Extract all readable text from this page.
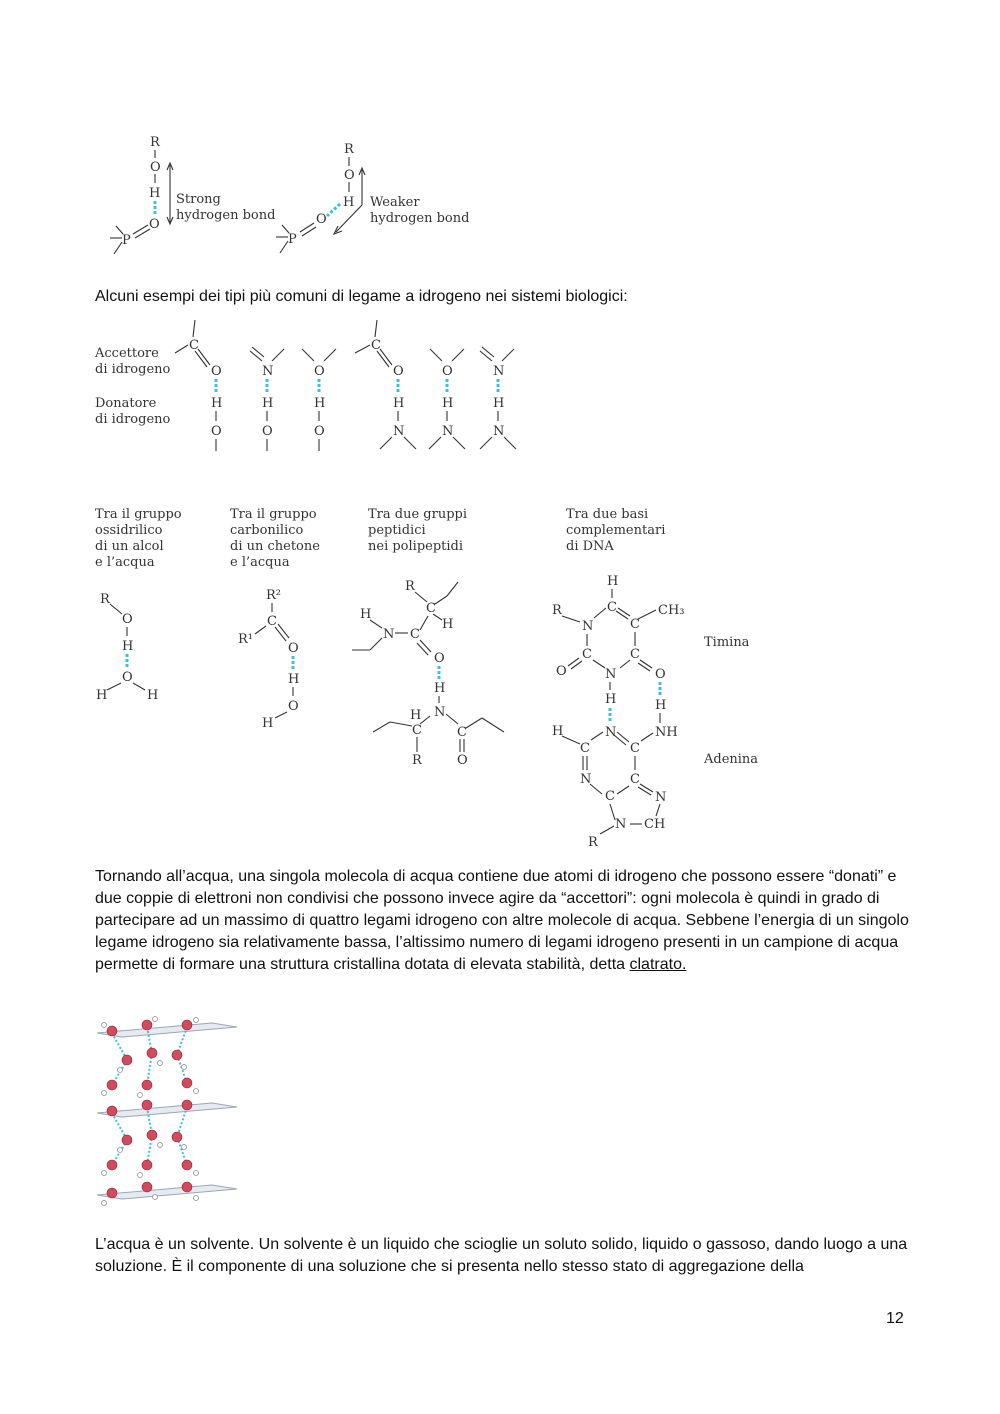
R
O
H
O
P
Strong
hydrogen bond
R
O
H
O
P
Weaker
hydrogen bond
Alcuni esempi dei tipi più comuni di legame a idrogeno nei sistemi biologici:
Accettore
di idrogeno
Donatore
di idrogeno
C
O
H
O
N
H
O
O
H
O
C
O
H
N
O
H
N
N
H
N
Tra il gruppo
ossidrilico
di un alcol
e l’acqua
Tra il gruppo
carbonilico
di un chetone
e l’acqua
Tra due gruppi
peptidici
nei polipeptidi
Tra due basi
complementari
di DNA
R
O
H
O
H	H
R²
C
R¹
O
H
O
H
R
C
H
H
N C
O
H
N
H
C
R
C
O
H
C
C
CH₃
N
R
C
O	N
C
O
Timina
H	H
NH
N
C
C
H
N
C
C
N
CH
N
R
Adenina
Tornando all’acqua, una singola molecola di acqua contiene due atomi di idrogeno che possono essere “donati” e due coppie di elettroni non condivisi che possono invece agire da “accettori”: ogni molecola è quindi in grado di partecipare ad un massimo di quattro legami idrogeno con altre molecole di acqua. Sebbene l’energia di un singolo legame idrogeno sia relativamente bassa, l’altissimo numero di legami idrogeno presenti in un campione di acqua permette di formare una struttura cristallina dotata di elevata stabilità, detta clatrato.
L’acqua è un solvente. Un solvente è un liquido che scioglie un soluto solido, liquido o gassoso, dando luogo a una soluzione. È il componente di una soluzione che si presenta nello stesso stato di aggregazione della
12
